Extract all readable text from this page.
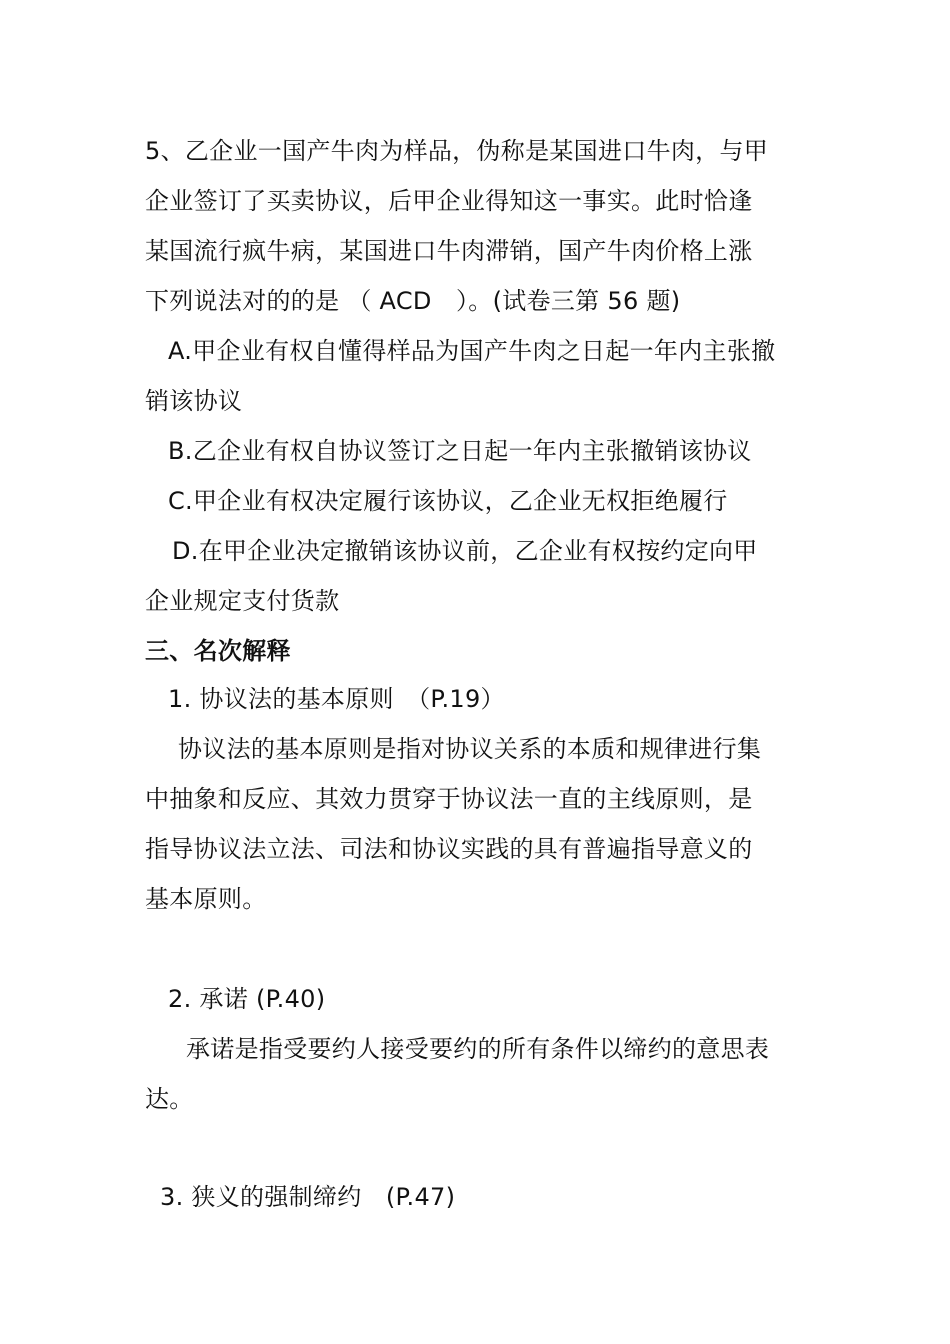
5、乙企业一国产牛肉为样品，伪称是某国进口牛肉，与甲
企业签订了买卖协议，后甲企业得知这一事实。此时恰逢
某国流行疯牛病，某国进口牛肉滞销，国产牛肉价格上涨
下列说法对的的是 （ ACD　）。(试卷三第 56 题)
A.甲企业有权自懂得样品为国产牛肉之日起一年内主张撤
销该协议
B.乙企业有权自协议签订之日起一年内主张撤销该协议
C.甲企业有权决定履行该协议，乙企业无权拒绝履行
D.在甲企业决定撤销该协议前，乙企业有权按约定向甲
企业规定支付货款
三、名次解释
1. 协议法的基本原则　（P.19）
协议法的基本原则是指对协议关系的本质和规律进行集
中抽象和反应、其效力贯穿于协议法一直的主线原则，是
指导协议法立法、司法和协议实践的具有普遍指导意义的
基本原则。
2. 承诺 (P.40)
承诺是指受要约人接受要约的所有条件以缔约的意思表
达。
3. 狭义的强制缔约　(P.47)
